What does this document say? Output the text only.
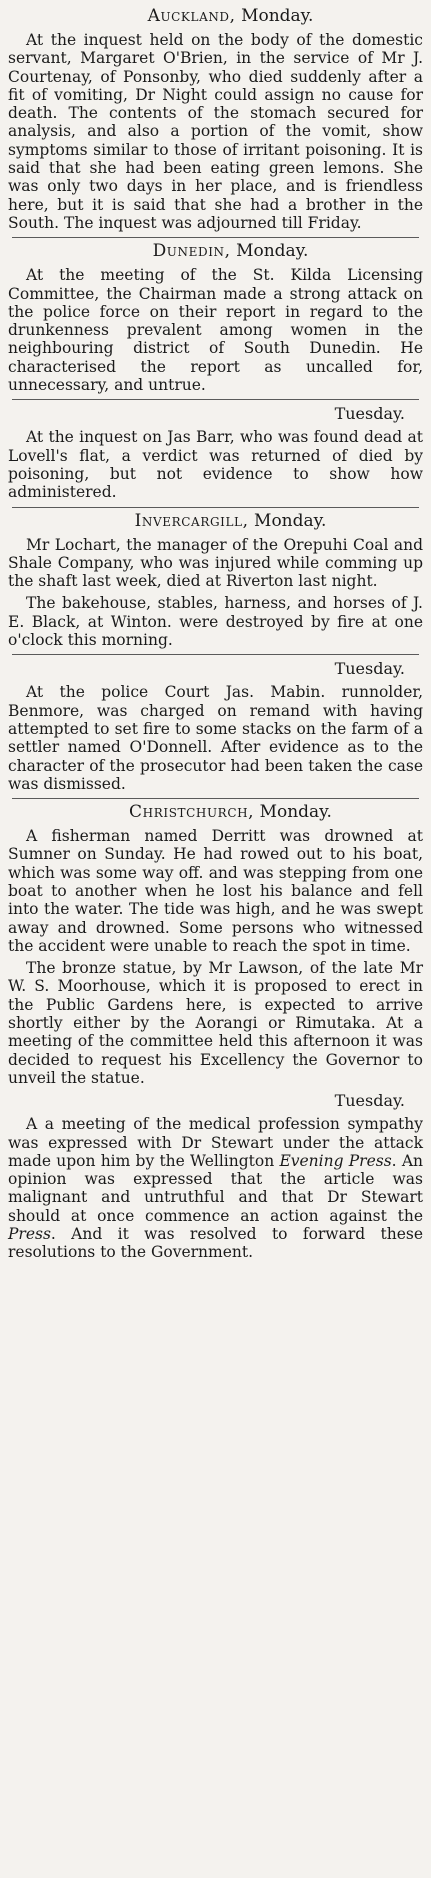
Auckland, Monday.

At the inquest held on the body of the domestic servant, Margaret O'Brien, in the service of Mr J. Courtenay, of Ponsonby, who died suddenly after a fit of vomiting, Dr Night could assign no cause for death. The contents of the stomach secured for analysis, and also a portion of the vomit, show symptoms similar to those of irritant poisoning. It is said that she had been eating green lemons. She was only two days in her place, and is friendless here, but it is said that she had a brother in the South. The inquest was adjourned till Friday.

Dunedin, Monday.

At the meeting of the St. Kilda Licensing Committee, the Chairman made a strong attack on the police force on their report in regard to the drunkenness prevalent among women in the neighbouring district of South Dunedin. He characterised the report as uncalled for, unnecessary, and untrue.

Tuesday.

At the inquest on Jas Barr, who was found dead at Lovell's flat, a verdict was returned of died by poisoning, but not evidence to show how administered.

Invercargill, Monday.

Mr Lochart, the manager of the Orepuhi Coal and Shale Company, who was injured while comming up the shaft last week, died at Riverton last night.

The bakehouse, stables, harness, and horses of J. E. Black, at Winton. were destroyed by fire at one o'clock this morning.

Tuesday.

At the police Court Jas. Mabin. runnolder, Benmore, was charged on remand with having attempted to set fire to some stacks on the farm of a settler named O'Donnell. After evidence as to the character of the prosecutor had been taken the case was dismissed.

Christchurch, Monday.

A fisherman named Derritt was drowned at Sumner on Sunday. He had rowed out to his boat, which was some way off. and was stepping from one boat to another when he lost his balance and fell into the water. The tide was high, and he was swept away and drowned. Some persons who witnessed the accident were unable to reach the spot in time.

The bronze statue, by Mr Lawson, of the late Mr W. S. Moorhouse, which it is proposed to erect in the Public Gardens here, is expected to arrive shortly either by the Aorangi or Rimutaka. At a meeting of the committee held this afternoon it was decided to request his Excellency the Governor to unveil the statue.

Tuesday.

A a meeting of the medical profession sympathy was expressed with Dr Stewart under the attack made upon him by the Wellington Evening Press. An opinion was expressed that the article was malignant and untruthful and that Dr Stewart should at once commence an action against the Press. And it was resolved to forward these resolutions to the Government.
